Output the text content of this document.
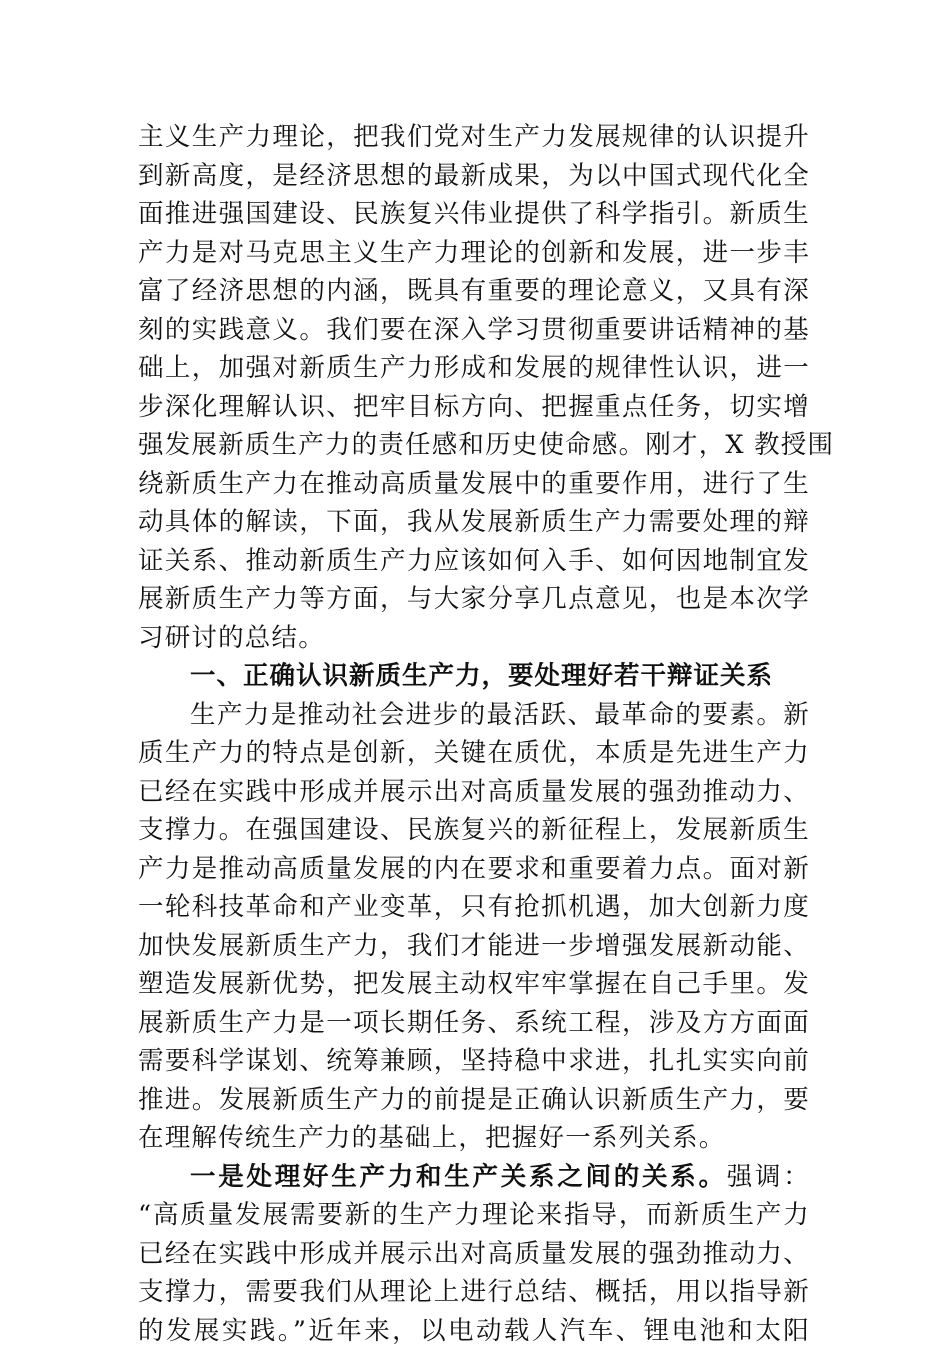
主义生产力理论，把我们党对生产力发展规律的认识提升
到新高度，是经济思想的最新成果，为以中国式现代化全
面推进强国建设、民族复兴伟业提供了科学指引。新质生
产力是对马克思主义生产力理论的创新和发展，进一步丰
富了经济思想的内涵，既具有重要的理论意义，又具有深
刻的实践意义。我们要在深入学习贯彻重要讲话精神的基
础上，加强对新质生产力形成和发展的规律性认识，进一
步深化理解认识、把牢目标方向、把握重点任务，切实增
强发展新质生产力的责任感和历史使命感。刚才，X 教授围
绕新质生产力在推动高质量发展中的重要作用，进行了生
动具体的解读，下面，我从发展新质生产力需要处理的辩
证关系、推动新质生产力应该如何入手、如何因地制宜发
展新质生产力等方面，与大家分享几点意见，也是本次学
习研讨的总结。
一、正确认识新质生产力，要处理好若干辩证关系
生产力是推动社会进步的最活跃、最革命的要素。新
质生产力的特点是创新，关键在质优，本质是先进生产力
已经在实践中形成并展示出对高质量发展的强劲推动力、
支撑力。在强国建设、民族复兴的新征程上，发展新质生
产力是推动高质量发展的内在要求和重要着力点。面对新
一轮科技革命和产业变革，只有抢抓机遇，加大创新力度
加快发展新质生产力，我们才能进一步增强发展新动能、
塑造发展新优势，把发展主动权牢牢掌握在自己手里。发
展新质生产力是一项长期任务、系统工程，涉及方方面面
需要科学谋划、统筹兼顾，坚持稳中求进，扎扎实实向前
推进。发展新质生产力的前提是正确认识新质生产力，要
在理解传统生产力的基础上，把握好一系列关系。
一是处理好生产力和生产关系之间的关系。强调：
“高质量发展需要新的生产力理论来指导，而新质生产力
已经在实践中形成并展示出对高质量发展的强劲推动力、
支撑力，需要我们从理论上进行总结、概括，用以指导新
的发展实践。”近年来，以电动载人汽车、锂电池和太阳
